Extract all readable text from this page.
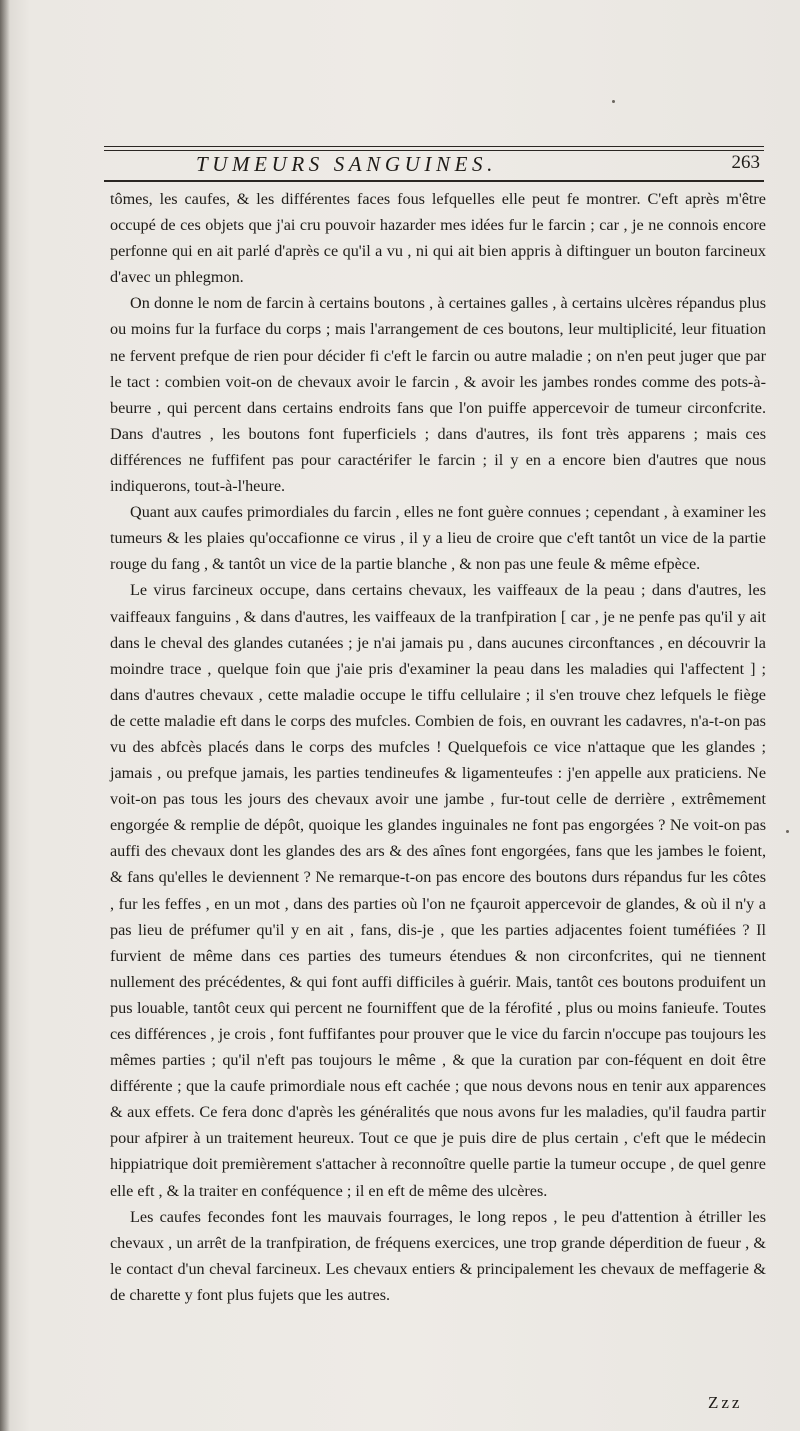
TUMEURS SANGUINES.	263

tômes, les caufes, & les différentes faces fous lefquelles elle peut fe montrer. C'eft après m'être occupé de ces objets que j'ai cru pouvoir hazarder mes idées fur le farcin ; car , je ne connois encore perfonne qui en ait parlé d'après ce qu'il a vu , ni qui ait bien appris à diftinguer un bouton farcineux d'avec un phlegmon.

On donne le nom de farcin à certains boutons , à certaines galles , à certains ulcères répandus plus ou moins fur la furface du corps ; mais l'arrangement de ces boutons, leur multiplicité, leur fituation ne fervent prefque de rien pour décider fi c'eft le farcin ou autre maladie ; on n'en peut juger que par le tact : combien voit-on de chevaux avoir le farcin , & avoir les jambes rondes comme des pots-à-beurre , qui percent dans certains endroits fans que l'on puiffe appercevoir de tumeur circonfcrite. Dans d'autres , les boutons font fuperficiels ; dans d'autres, ils font très apparens ; mais ces différences ne fuffifent pas pour caractérifer le farcin ; il y en a encore bien d'autres que nous indiquerons, tout-à-l'heure.

Quant aux caufes primordiales du farcin , elles ne font guère connues ; cependant , à examiner les tumeurs & les plaies qu'occafionne ce virus , il y a lieu de croire que c'eft tantôt un vice de la partie rouge du fang , & tantôt un vice de la partie blanche , & non pas une feule & même efpèce.

Le virus farcineux occupe, dans certains chevaux, les vaiffeaux de la peau ; dans d'autres, les vaiffeaux fanguins , & dans d'autres, les vaiffeaux de la tranfpiration [ car , je ne penfe pas qu'il y ait dans le cheval des glandes cutanées ; je n'ai jamais pu , dans aucunes circonftances , en découvrir la moindre trace , quelque foin que j'aie pris d'examiner la peau dans les maladies qui l'affectent ] ; dans d'autres chevaux , cette maladie occupe le tiffu cellulaire ; il s'en trouve chez lefquels le fiège de cette maladie eft dans le corps des mufcles. Combien de fois, en ouvrant les cadavres, n'a-t-on pas vu des abfcès placés dans le corps des mufcles ! Quelquefois ce vice n'attaque que les glandes ; jamais , ou prefque jamais, les parties tendineufes & ligamenteufes : j'en appelle aux praticiens. Ne voit-on pas tous les jours des chevaux avoir une jambe , fur-tout celle de derrière , extrêmement engorgée & remplie de dépôt, quoique les glandes inguinales ne font pas engorgées ? Ne voit-on pas auffi des chevaux dont les glandes des ars & des aînes font engorgées, fans que les jambes le foient, & fans qu'elles le deviennent ? Ne remarque-t-on pas encore des boutons durs répandus fur les côtes , fur les feffes , en un mot , dans des parties où l'on ne fçauroit appercevoir de glandes, & où il n'y a pas lieu de préfumer qu'il y en ait , fans, dis-je , que les parties adjacentes foient tuméfiées ? Il furvient de même dans ces parties des tumeurs étendues & non circonfcrites, qui ne tiennent nullement des précédentes, & qui font auffi difficiles à guérir. Mais, tantôt ces boutons produifent un pus louable, tantôt ceux qui percent ne fourniffent que de la férofité , plus ou moins fanieufe. Toutes ces différences , je crois , font fuffifantes pour prouver que le vice du farcin n'occupe pas toujours les mêmes parties ; qu'il n'eft pas toujours le même , & que la curation par con-féquent en doit être différente ; que la caufe primordiale nous eft cachée ; que nous devons nous en tenir aux apparences & aux effets. Ce fera donc d'après les généralités que nous avons fur les maladies, qu'il faudra partir pour afpirer à un traitement heureux. Tout ce que je puis dire de plus certain , c'eft que le médecin hippiatrique doit premièrement s'attacher à reconnoître quelle partie la tumeur occupe , de quel genre elle eft , & la traiter en conféquence ; il en eft de même des ulcères.

Les caufes fecondes font les mauvais fourrages, le long repos , le peu d'attention à étriller les chevaux , un arrêt de la tranfpiration, de fréquens exercices, une trop grande déperdition de fueur , & le contact d'un cheval farcineux. Les chevaux entiers & principalement les chevaux de meffagerie & de charette y font plus fujets que les autres.

Zzz
